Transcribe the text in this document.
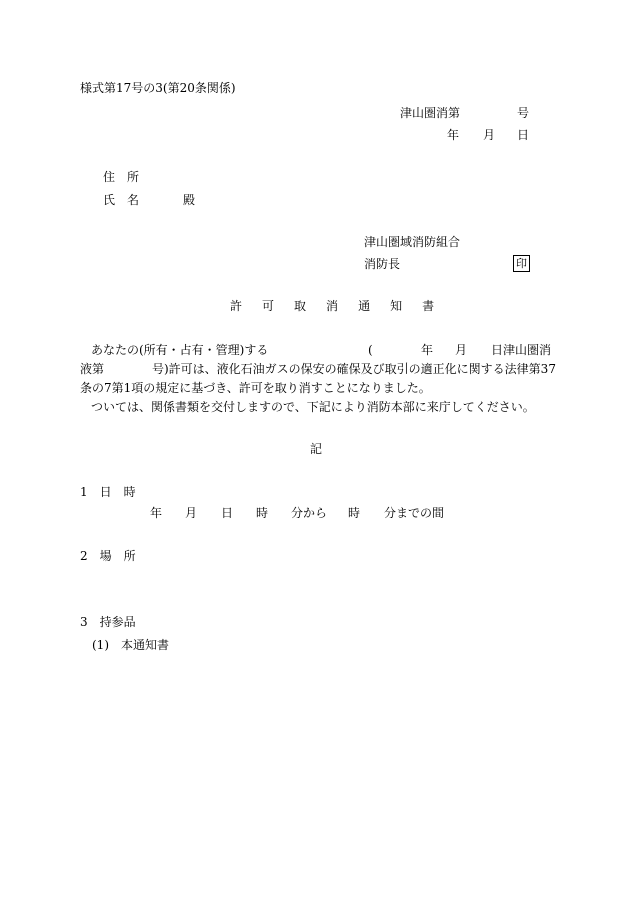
様式第17号の3(第20条関係)
津山圏消第	号
年 月 日
住　所
氏　名	殿
津山圏域消防組合
消防長	印
許 可 取 消 通 知 書
あなたの(所有・占有・管理)する	(	年 月 日津山圏消
液第	号)許可は、液化石油ガスの保安の確保及び取引の適正化に関する法律第37
条の7第1項の規定に基づき、許可を取り消すことになりました。
ついては、関係書類を交付しますので、下記により消防本部に来庁してください。
記
1　日　時
年 月 日 時 分から 時 分までの間
2　場　所
3　持参品
(1)　本通知書
